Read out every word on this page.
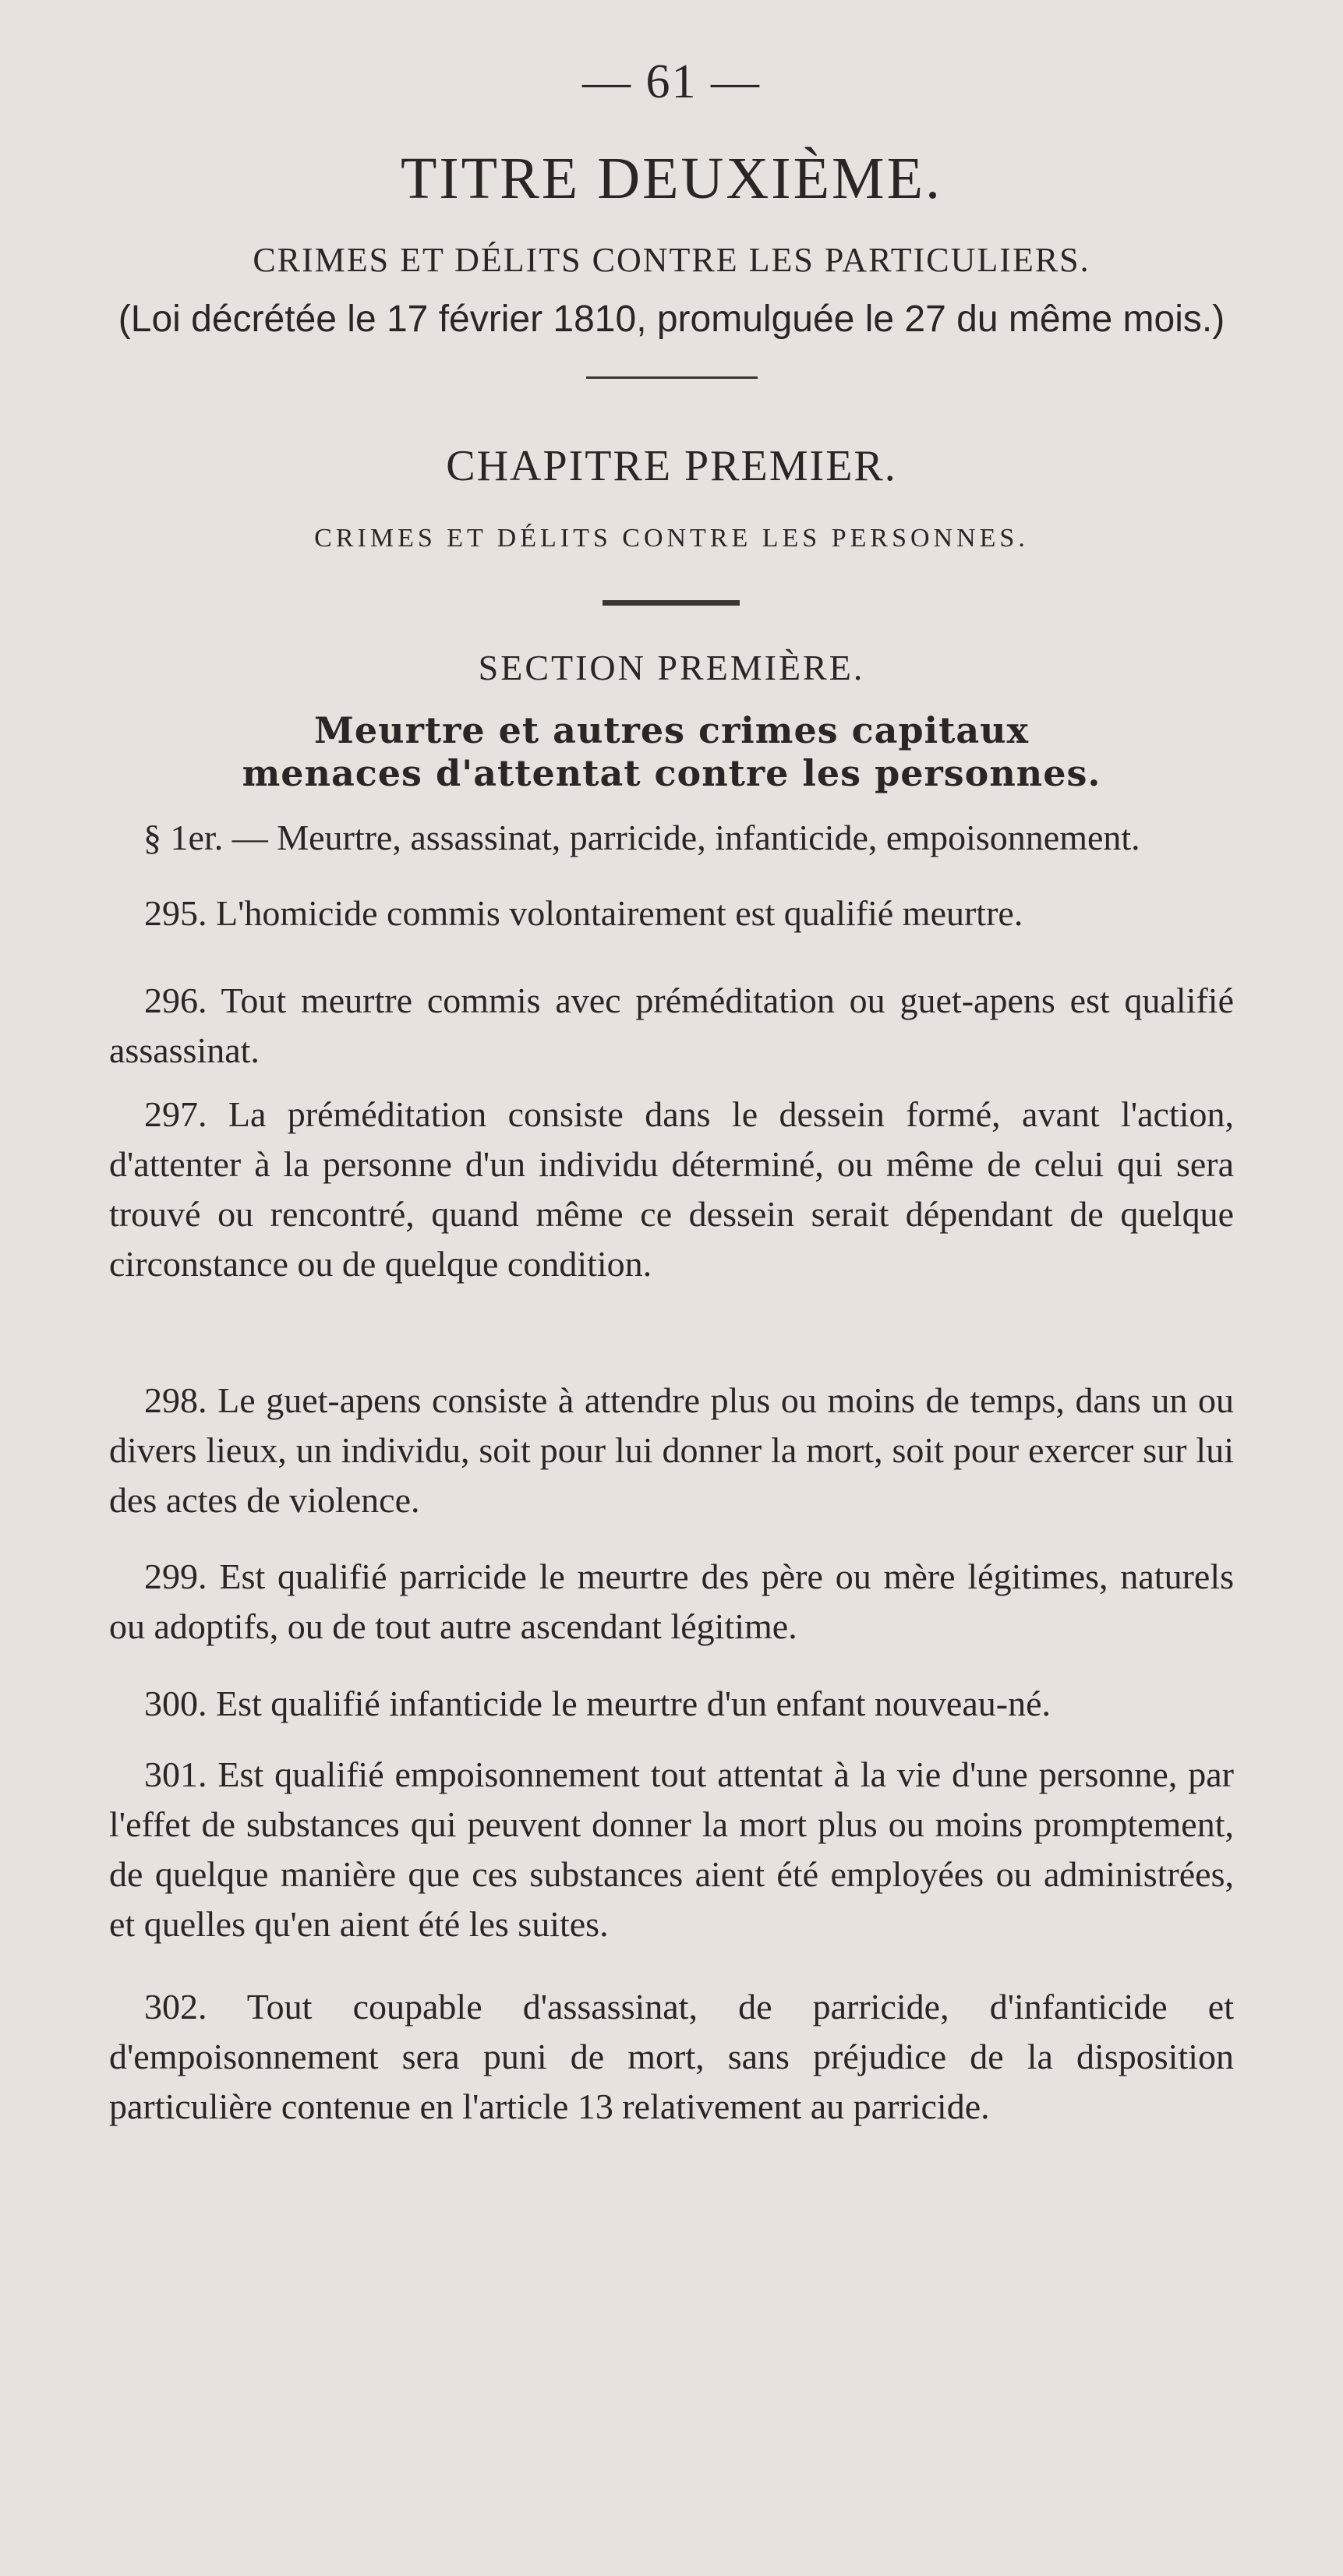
— 61 —
TITRE DEUXIÈME.
CRIMES ET DÉLITS CONTRE LES PARTICULIERS.
(Loi décrétée le 17 février 1810, promulguée le 27 du même mois.)
CHAPITRE PREMIER.
CRIMES ET DÉLITS CONTRE LES PERSONNES.
SECTION PREMIÈRE.
Meurtre et autres crimes capitaux
menaces d'attentat contre les personnes.
§ 1er. — Meurtre, assassinat, parricide, infanticide, empoisonnement.

295. L'homicide commis volontairement est qualifié meurtre.

296. Tout meurtre commis avec préméditation ou guet-apens est qualifié assassinat.

297. La préméditation consiste dans le dessein formé, avant l'action, d'attenter à la personne d'un individu déterminé, ou même de celui qui sera trouvé ou rencontré, quand même ce dessein serait dépendant de quelque circonstance ou de quelque condition.

298. Le guet-apens consiste à attendre plus ou moins de temps, dans un ou divers lieux, un individu, soit pour lui donner la mort, soit pour exercer sur lui des actes de violence.

299. Est qualifié parricide le meurtre des père ou mère légitimes, naturels ou adoptifs, ou de tout autre ascendant légitime.

300. Est qualifié infanticide le meurtre d'un enfant nouveau-né.

301. Est qualifié empoisonnement tout attentat à la vie d'une personne, par l'effet de substances qui peuvent donner la mort plus ou moins promptement, de quelque manière que ces substances aient été employées ou administrées, et quelles qu'en aient été les suites.

302. Tout coupable d'assassinat, de parricide, d'infanticide et d'empoisonnement sera puni de mort, sans préjudice de la disposition particulière contenue en l'article 13 relativement au parricide.
